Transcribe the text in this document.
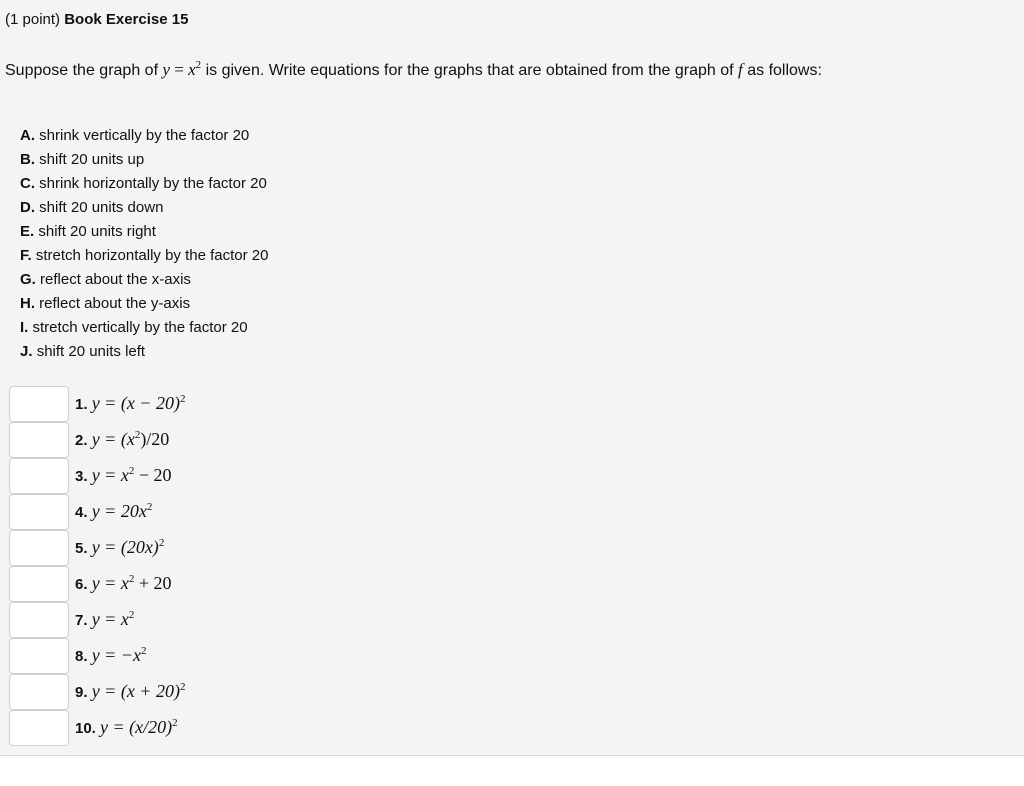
(1 point) Book Exercise 15
Suppose the graph of $y = x^2$ is given. Write equations for the graphs that are obtained from the graph of f as follows:
A. shrink vertically by the factor 20
B. shift 20 units up
C. shrink horizontally by the factor 20
D. shift 20 units down
E. shift 20 units right
F. stretch horizontally by the factor 20
G. reflect about the x-axis
H. reflect about the y-axis
I. stretch vertically by the factor 20
J. shift 20 units left
1. $y = (x - 20)^2$
2. $y = (x^2)/20$
3. $y = x^2 - 20$
4. $y = 20x^2$
5. $y = (20x)^2$
6. $y = x^2 + 20$
7. $y = x^2$
8. $y = -x^2$
9. $y = (x + 20)^2$
10. $y = (x/20)^2$
